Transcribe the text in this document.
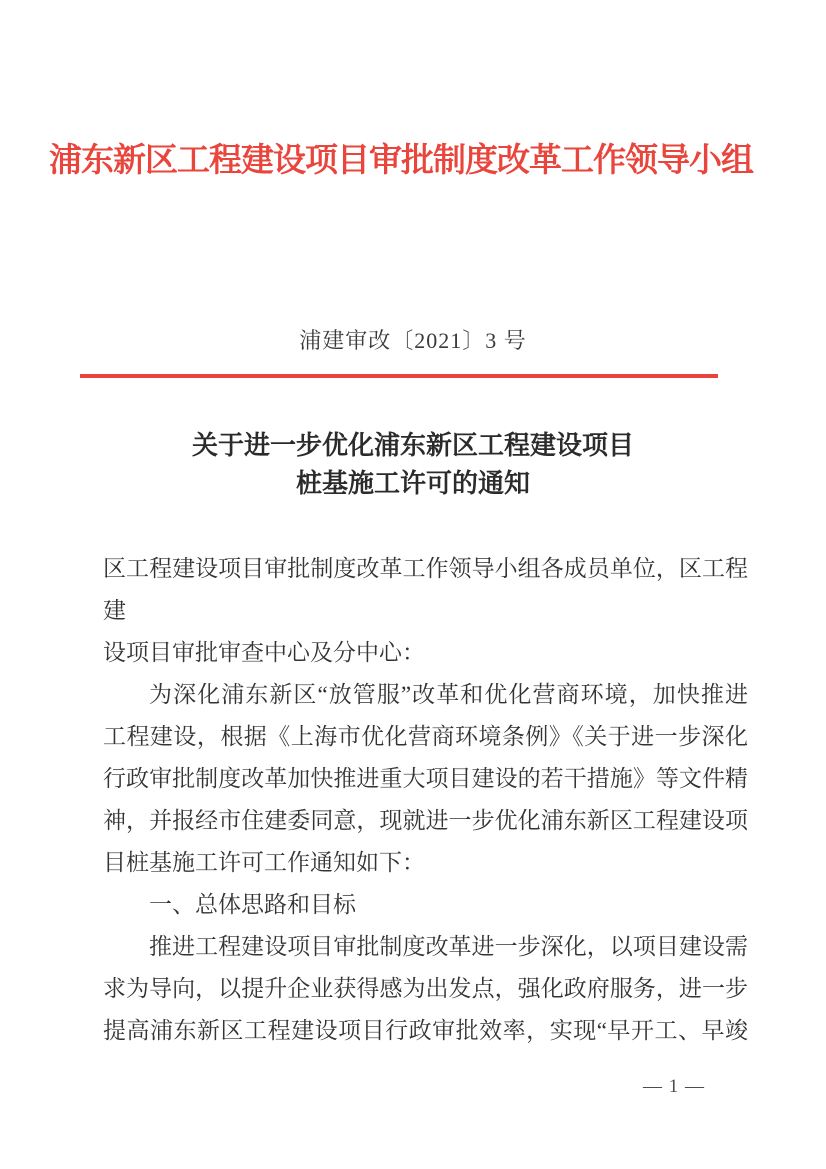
浦东新区工程建设项目审批制度改革工作领导小组
浦建审改〔2021〕3 号
关于进一步优化浦东新区工程建设项目
桩基施工许可的通知
区工程建设项目审批制度改革工作领导小组各成员单位，区工程建
设项目审批审查中心及分中心：
为深化浦东新区“放管服”改革和优化营商环境，加快推进
工程建设，根据《上海市优化营商环境条例》《关于进一步深化
行政审批制度改革加快推进重大项目建设的若干措施》等文件精
神，并报经市住建委同意，现就进一步优化浦东新区工程建设项
目桩基施工许可工作通知如下：
一、总体思路和目标
推进工程建设项目审批制度改革进一步深化，以项目建设需
求为导向，以提升企业获得感为出发点，强化政府服务，进一步
提高浦东新区工程建设项目行政审批效率，实现“早开工、早竣
— 1 —
